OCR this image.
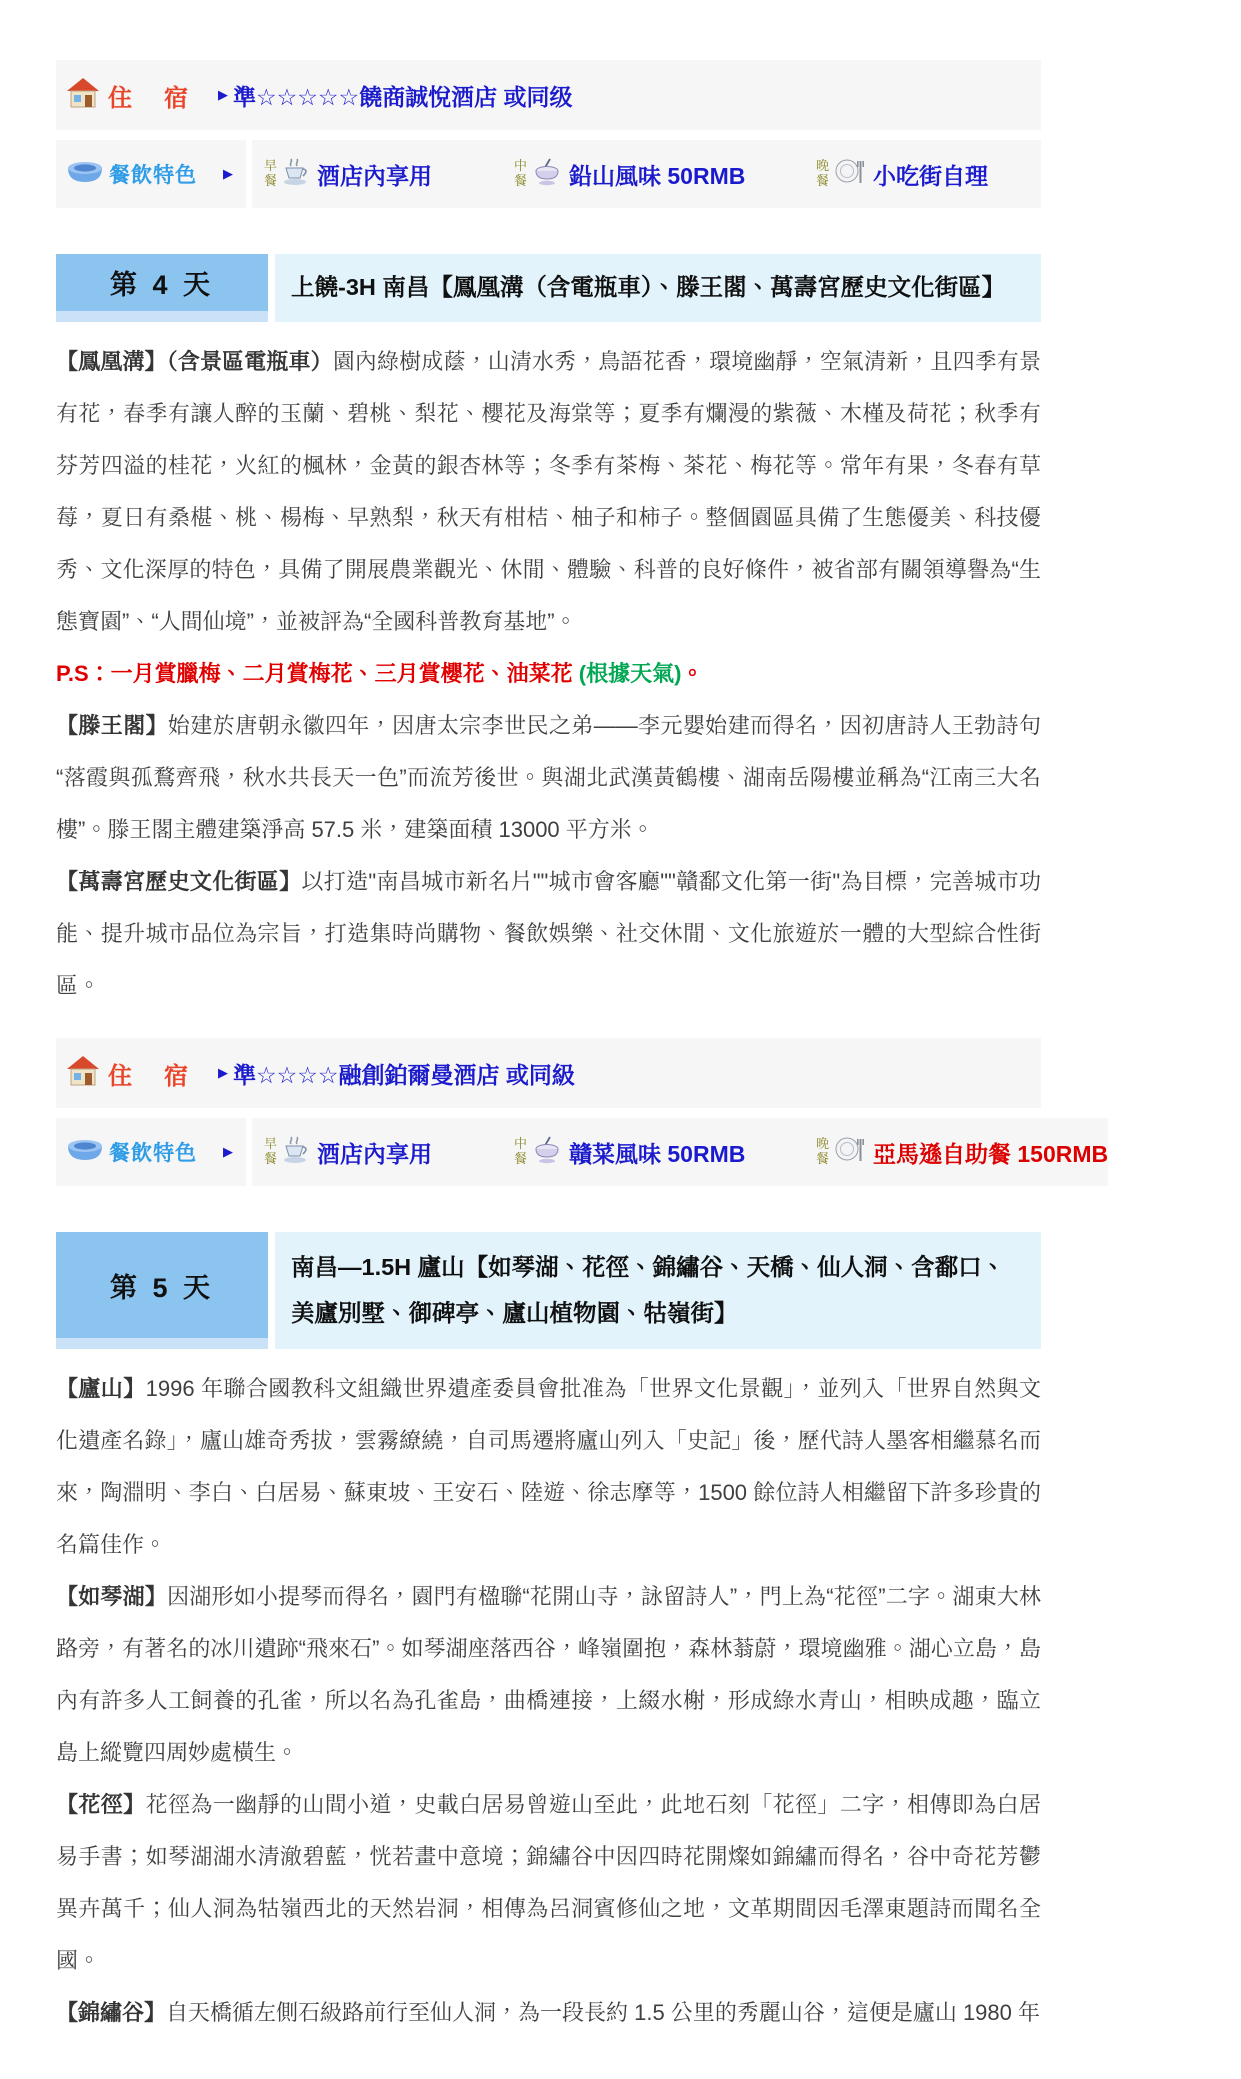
住 宿 ▶ 準☆☆☆☆☆饒商誠悅酒店 或同级
餐飲特色 ▶
早餐 酒店內享用	中餐 鉛山風味 50RMB	晚餐 小吃街自理
第 4 天	上饒-3H 南昌【鳳凰溝（含電瓶車）、滕王閣、萬壽宮歷史文化街區】

【鳳凰溝】（含景區電瓶車）園內綠樹成蔭，山清水秀，鳥語花香，環境幽靜，空氣清新，且四季有景有花，春季有讓人醉的玉蘭、碧桃、梨花、櫻花及海棠等；夏季有爛漫的紫薇、木槿及荷花；秋季有芬芳四溢的桂花，火紅的楓林，金黃的銀杏林等；冬季有茶梅、茶花、梅花等。常年有果，冬春有草莓，夏日有桑椹、桃、楊梅、早熟梨，秋天有柑桔、柚子和柿子。整個園區具備了生態優美、科技優秀、文化深厚的特色，具備了開展農業觀光、休閒、體驗、科普的良好條件，被省部有關領導譽為“生態寶園”、“人間仙境”，並被評為“全國科普教育基地”。

P.S：一月賞臘梅、二月賞梅花、三月賞櫻花、油菜花 (根據天氣)。

【滕王閣】始建於唐朝永徽四年，因唐太宗李世民之弟——李元嬰始建而得名，因初唐詩人王勃詩句“落霞與孤鶩齊飛，秋水共長天一色”而流芳後世。與湖北武漢黃鶴樓、湖南岳陽樓並稱為“江南三大名樓”。滕王閣主體建築淨高 57.5 米，建築面積 13000 平方米。

【萬壽宮歷史文化街區】以打造"南昌城市新名片""城市會客廳""贛鄱文化第一街"為目標，完善城市功能、提升城市品位為宗旨，打造集時尚購物、餐飲娛樂、社交休閒、文化旅遊於一體的大型綜合性街區。

住 宿 ▶ 準☆☆☆☆融創鉑爾曼酒店 或同級
餐飲特色 ▶
早餐 酒店內享用	中餐 贛菜風味 50RMB	晚餐 亞馬遜自助餐 150RMB
第 5 天
南昌—1.5H 廬山【如琴湖、花徑、錦繡谷、天橋、仙人洞、含鄱口、美廬別墅、御碑亭、廬山植物園、牯嶺街】

【廬山】1996 年聯合國教科文組織世界遺產委員會批准為「世界文化景觀」，並列入「世界自然與文化遺產名錄」，廬山雄奇秀拔，雲霧繚繞，自司馬遷將廬山列入「史記」後，歷代詩人墨客相繼慕名而來，陶淵明、李白、白居易、蘇東坡、王安石、陸遊、徐志摩等，1500 餘位詩人相繼留下許多珍貴的名篇佳作。

【如琴湖】因湖形如小提琴而得名，園門有楹聯“花開山寺，詠留詩人”，門上為“花徑”二字。湖東大林路旁，有著名的冰川遺跡“飛來石”。如琴湖座落西谷，峰嶺圍抱，森林蓊蔚，環境幽雅。湖心立島，島內有許多人工飼養的孔雀，所以名為孔雀島，曲橋連接，上綴水榭，形成綠水青山，相映成趣，臨立島上縱覽四周妙處橫生。

【花徑】花徑為一幽靜的山間小道，史載白居易曾遊山至此，此地石刻「花徑」二字，相傳即為白居易手書；如琴湖湖水清澈碧藍，恍若畫中意境；錦繡谷中因四時花開燦如錦繡而得名，谷中奇花芳鬱異卉萬千；仙人洞為牯嶺西北的天然岩洞，相傳為呂洞賓修仙之地，文革期間因毛澤東題詩而聞名全國。

【錦繡谷】自天橋循左側石級路前行至仙人洞，為一段長約 1.5 公里的秀麗山谷，這便是廬山 1980 年
